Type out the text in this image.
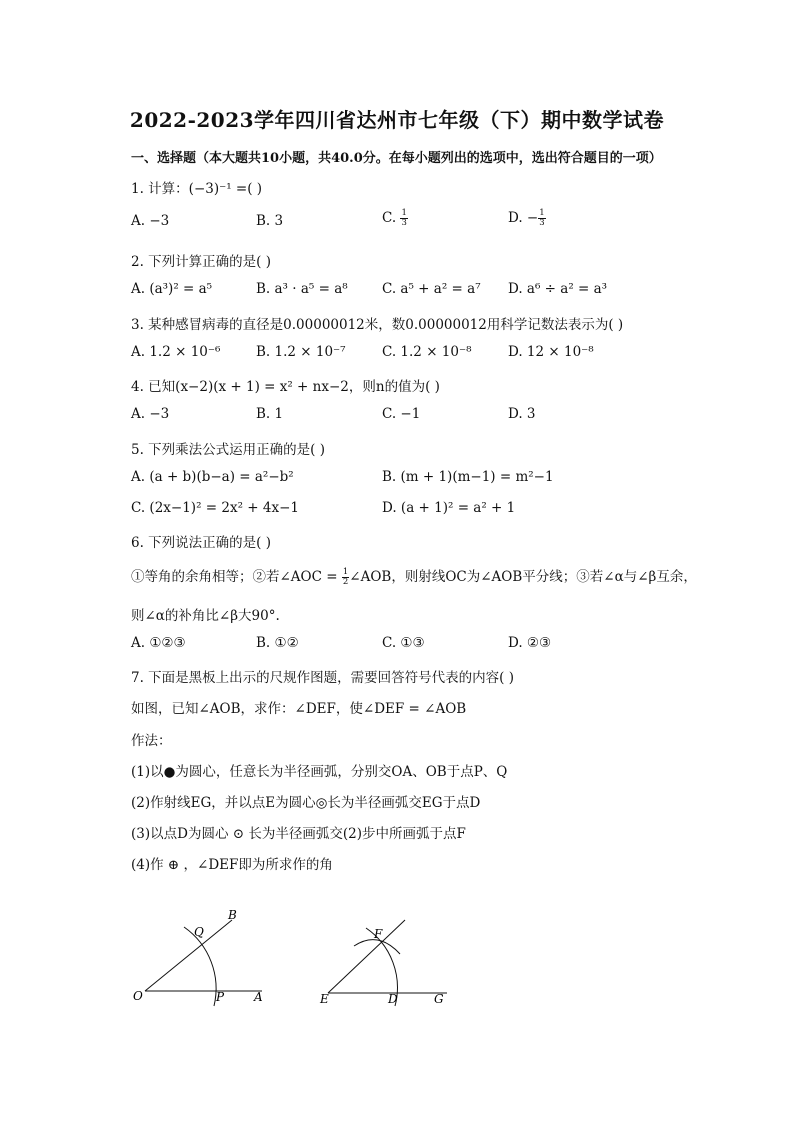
2022-2023学年四川省达州市七年级（下）期中数学试卷
一、选择题（本大题共10小题，共40.0分。在每小题列出的选项中，选出符合题目的一项）
1. 计算：(−3)⁻¹ =( )
A. −3	B. 3	C. $\frac{1}{3}$	D. − $\frac{1}{3}$
2. 下列计算正确的是( )
A. (a³)² = a⁵	B. a³ · a⁵ = a⁸	C. a⁵ + a² = a⁷ D. a⁶ ÷ a² = a³
3. 某种感冒病毒的直径是0.00000012米，数0.00000012用科学记数法表示为( )
A. 1.2 × 10⁻⁶	B. 1.2 × 10⁻⁷	C. 1.2 × 10⁻⁸	D. 12 × 10⁻⁸
4. 已知(x−2)(x + 1) = x² + nx−2，则n的值为( )
A. −3	B. 1	C. −1	D. 3
5. 下列乘法公式运用正确的是( )
A. (a + b)(b−a) = a²−b²	B. (m + 1)(m−1) = m²−1
C. (2x−1)² = 2x² + 4x−1	D. (a + 1)² = a² + 1
6. 下列说法正确的是( )
①等角的余角相等；②若∠AOC = $\frac{1}{2}$ ∠AOB，则射线OC为∠AOB平分线；③若∠α与∠β互余，
则∠α的补角比∠β大90°.
A. ①②③	B. ①②	C. ①③	D. ②③
7. 下面是黑板上出示的尺规作图题，需要回答符号代表的内容( )
如图，已知∠AOB，求作：∠DEF，使∠DEF = ∠AOB
作法：
(1)以●为圆心，任意长为半径画弧，分别交OA、OB于点P、Q
(2)作射线EG，并以点E为圆心◎长为半径画弧交EG于点D
(3)以点D为圆心 ⊙ 长为半径画弧交(2)步中所画弧于点F
(4)作 ⊕ ，∠DEF即为所求作的角
O	P A
Q
B
E	D	G
F
